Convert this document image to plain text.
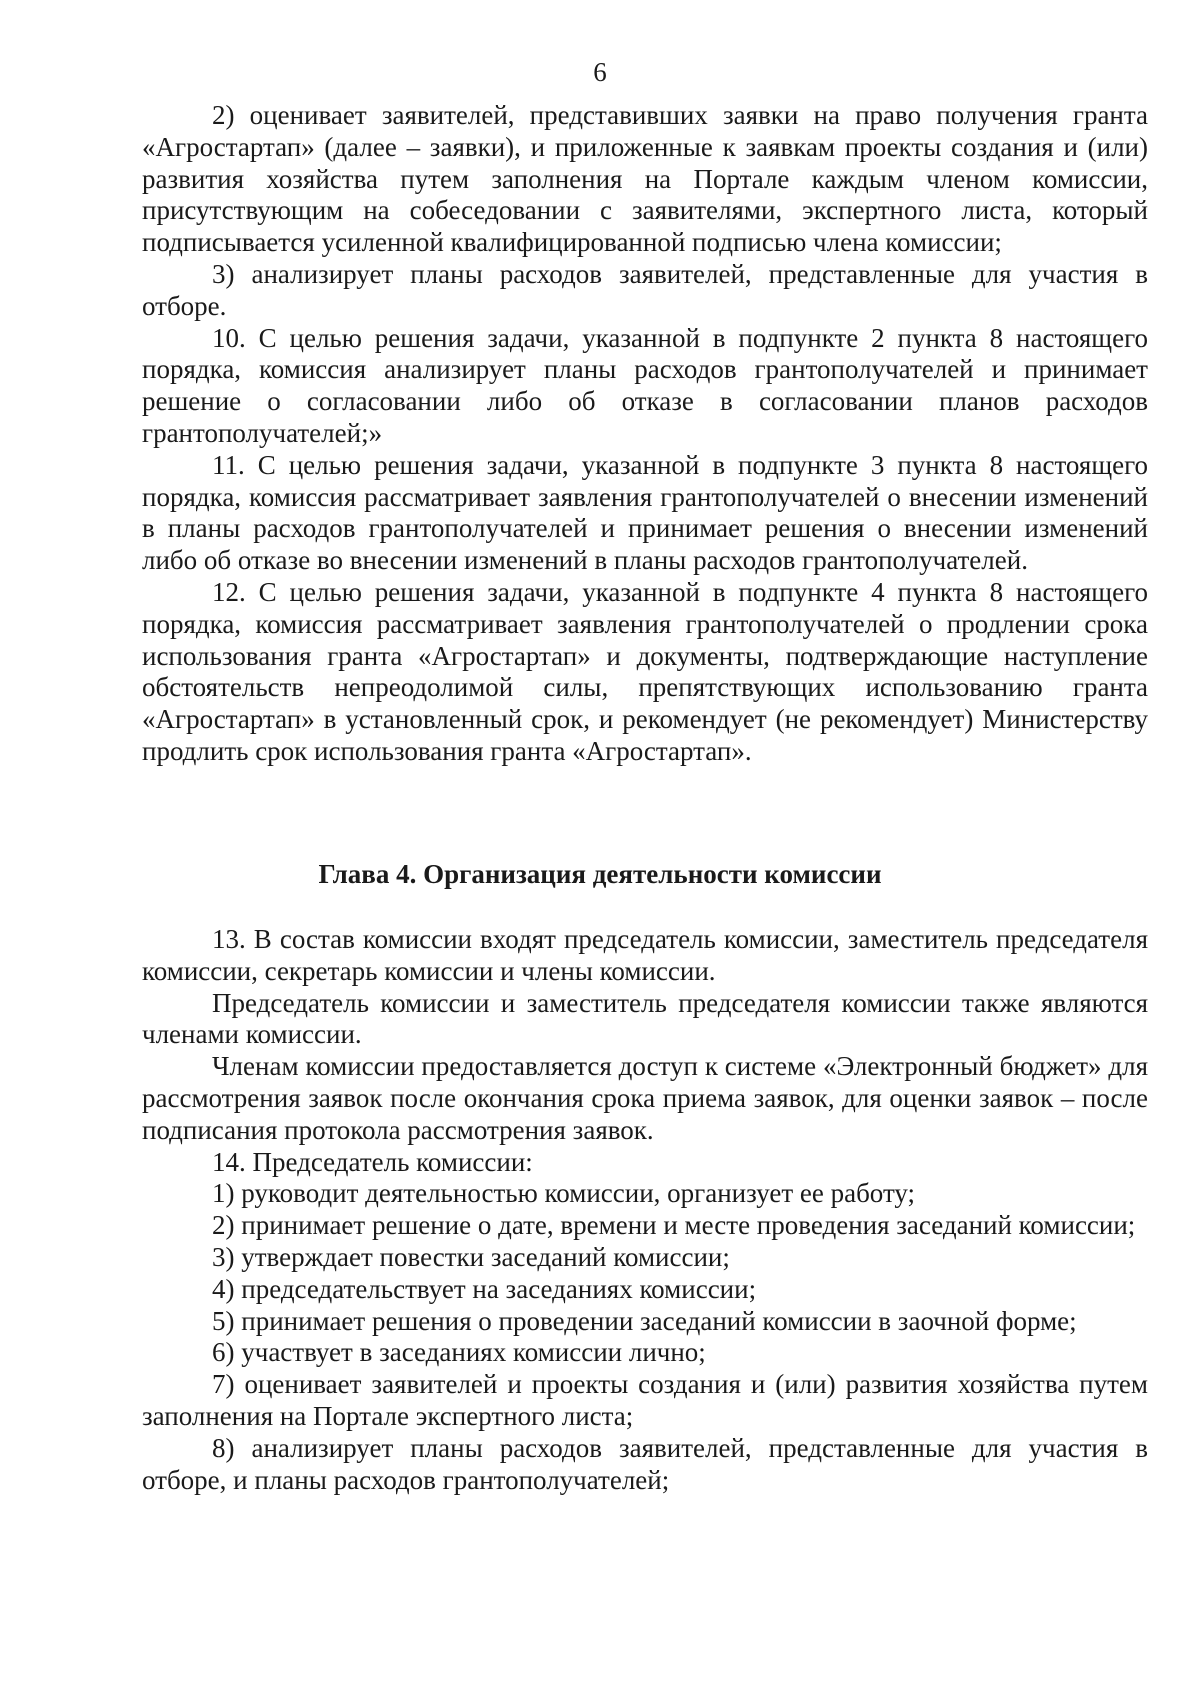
6

2) оценивает заявителей, представивших заявки на право получения гранта «Агростартап» (далее – заявки), и приложенные к заявкам проекты создания и (или) развития хозяйства путем заполнения на Портале каждым членом комиссии, присутствующим на собеседовании с заявителями, экспертного листа, который подписывается усиленной квалифицированной подписью члена комиссии;

3) анализирует планы расходов заявителей, представленные для участия в отборе.

10. С целью решения задачи, указанной в подпункте 2 пункта 8 настоящего порядка, комиссия анализирует планы расходов грантополучателей и принимает решение о согласовании либо об отказе в согласовании планов расходов грантополучателей;»

11. С целью решения задачи, указанной в подпункте 3 пункта 8 настоящего порядка, комиссия рассматривает заявления грантополучателей о внесении изменений в планы расходов грантополучателей и принимает решения о внесении изменений либо об отказе во внесении изменений в планы расходов грантополучателей.

12. С целью решения задачи, указанной в подпункте 4 пункта 8 настоящего порядка, комиссия рассматривает заявления грантополучателей о продлении срока использования гранта «Агростартап» и документы, подтверждающие наступление обстоятельств непреодолимой силы, препятствующих использованию гранта «Агростартап» в установленный срок, и рекомендует (не рекомендует) Министерству продлить срок использования гранта «Агростартап».

Глава 4. Организация деятельности комиссии

13. В состав комиссии входят председатель комиссии, заместитель председателя комиссии, секретарь комиссии и члены комиссии.

Председатель комиссии и заместитель председателя комиссии также являются членами комиссии.

Членам комиссии предоставляется доступ к системе «Электронный бюджет» для рассмотрения заявок после окончания срока приема заявок, для оценки заявок – после подписания протокола рассмотрения заявок.

14. Председатель комиссии:

1) руководит деятельностью комиссии, организует ее работу;

2) принимает решение о дате, времени и месте проведения заседаний комиссии;

3) утверждает повестки заседаний комиссии;

4) председательствует на заседаниях комиссии;

5) принимает решения о проведении заседаний комиссии в заочной форме;

6) участвует в заседаниях комиссии лично;

7) оценивает заявителей и проекты создания и (или) развития хозяйства путем заполнения на Портале экспертного листа;

8) анализирует планы расходов заявителей, представленные для участия в отборе, и планы расходов грантополучателей;
